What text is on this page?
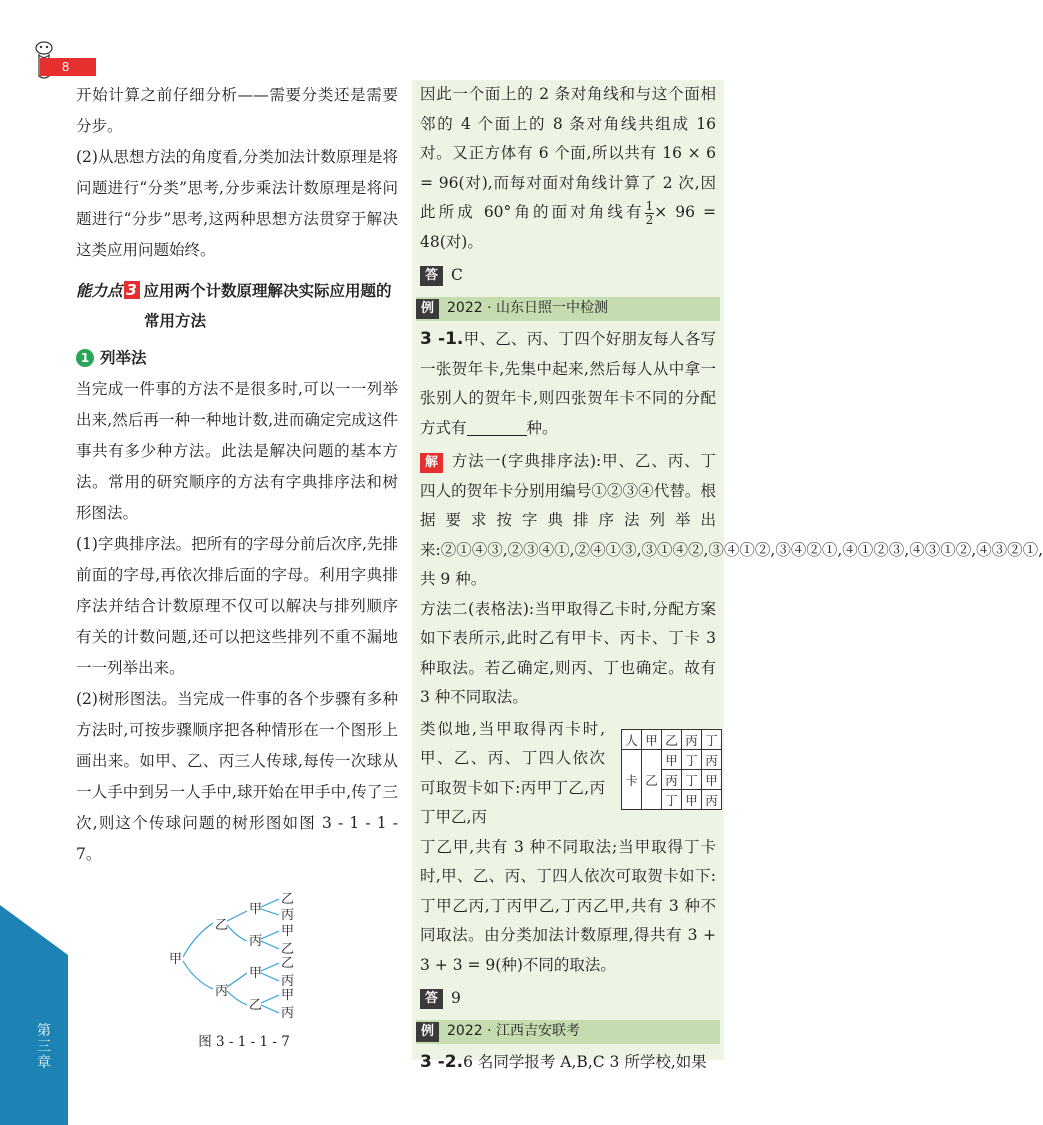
8
第三章

开始计算之前仔细分析——需要分类还是需要分步。

(2)从思想方法的角度看,分类加法计数原理是将问题进行“分类”思考,分步乘法计数原理是将问题进行“分步”思考,这两种思想方法贯穿于解决这类应用问题始终。

能力点 3 应用两个计数原理解决实际应用题的
常用方法
1 列举法

当完成一件事的方法不是很多时,可以一一列举出来,然后再一种一种地计数,进而确定完成这件事共有多少种方法。此法是解决问题的基本方法。常用的研究顺序的方法有字典排序法和树形图法。

(1)字典排序法。把所有的字母分前后次序,先排前面的字母,再依次排后面的字母。利用字典排序法并结合计数原理不仅可以解决与排列顺序有关的计数问题,还可以把这些排列不重不漏地一一列举出来。

(2)树形图法。当完成一件事的各个步骤有多种方法时,可按步骤顺序把各种情形在一个图形上画出来。如甲、乙、丙三人传球,每传一次球从一人手中到另一人手中,球开始在甲手中,传了三次,则这个传球问题的树形图如图 3 - 1 - 1 - 7。

甲
乙
丙
甲
丙
甲
乙
乙
丙
甲
乙
乙
丙
甲
丙
图 3 - 1 - 1 - 7

因此一个面上的 2 条对角线和与这个面相邻的 4 个面上的 8 条对角线共组成 16 对。又正方体有 6 个面,所以共有 16 × 6 = 96(对),而每对面对角线计算了 2 次,因此所成 60°角的面对角线有 $\frac{1}{2} \times 96 = 48$(对)。

答 C
例 2022 · 山东日照一中检测

3 -1.甲、乙、丙、丁四个好朋友每人各写一张贺年卡,先集中起来,然后每人从中拿一张别人的贺年卡,则四张贺年卡不同的分配方式有	种。

解 方法一(字典排序法):甲、乙、丙、丁四人的贺年卡分别用编号①②③④代替。根据要求按字典排序法列举出来:②①④③,②③④①,②④①③,③①④②,③④①②,③④②①,④①②③,④③①②,④③②①,共 9 种。

方法二(表格法):当甲取得乙卡时,分配方案如下表所示,此时乙有甲卡、丙卡、丁卡 3 种取法。若乙确定,则丙、丁也确定。故有 3 种不同取法。

类似地,当甲取得丙卡时,甲、乙、丙、丁四人依次可取贺卡如下:丙甲丁乙,丙丁甲乙,丙
丁乙甲,共有 3 种不同取法;当甲取得丁卡时,甲、乙、丙、丁四人依次可取贺卡如下:丁甲乙丙,丁丙甲乙,丁丙乙甲,共有 3 种不同取法。由分类加法计数原理,得共有 3 + 3 + 3 = 9(种)不同的取法。

答 9
例 2022 · 江西吉安联考

3 -2.6 名同学报考 A,B,C 3 所学校,如果

人	甲	乙	丙	丁
卡	乙	甲	丁	丙
		丙	丁	甲
		丁	甲	丙
